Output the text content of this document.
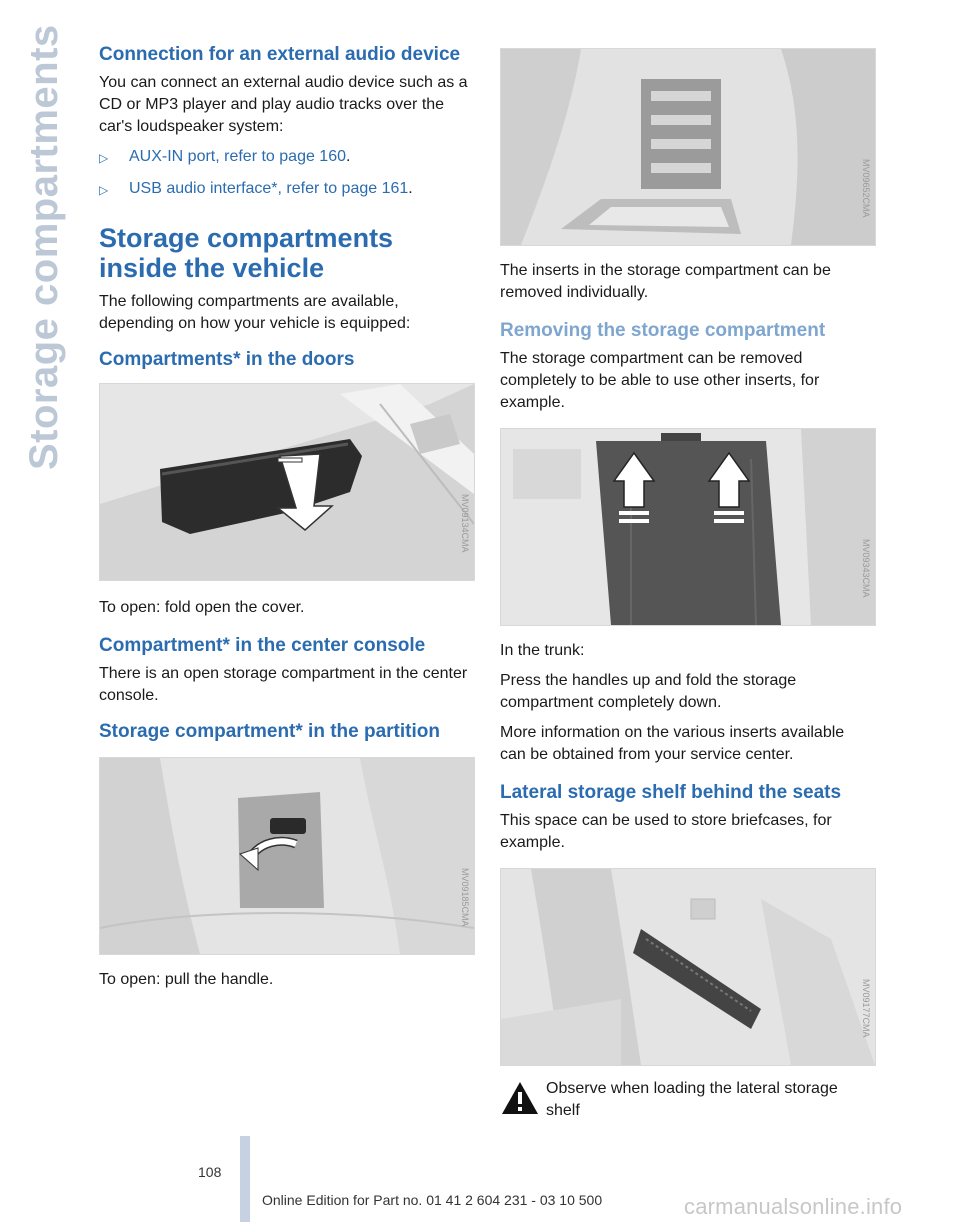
Storage compartments Connection for an external audio device

You can connect an external audio device such as a CD or MP3 player and play audio tracks over the car's loudspeaker system:

▷	AUX-IN port, refer to page 160.
▷	USB audio interface*, refer to page 161.
Storage compartments inside the vehicle

The following compartments are available, depending on how your vehicle is equipped:

Compartments* in the doors
MV09134CMA

To open: fold open the cover.

Compartment* in the center console

There is an open storage compartment in the center console.

Storage compartment* in the partition
MV09185CMA

To open: pull the handle.

MV09652CMA

The inserts in the storage compartment can be removed individually.

Removing the storage compartment

The storage compartment can be removed completely to be able to use other inserts, for example.

MV09343CMA

In the trunk:

Press the handles up and fold the storage compartment completely down.

More information on the various inserts available can be obtained from your service center.

Lateral storage shelf behind the seats

This space can be used to store briefcases, for example.

MV09177CMA

Observe when loading the lateral storage shelf

108
Online Edition for Part no. 01 41 2 604 231 - 03 10 500	carmanualsonline.info
